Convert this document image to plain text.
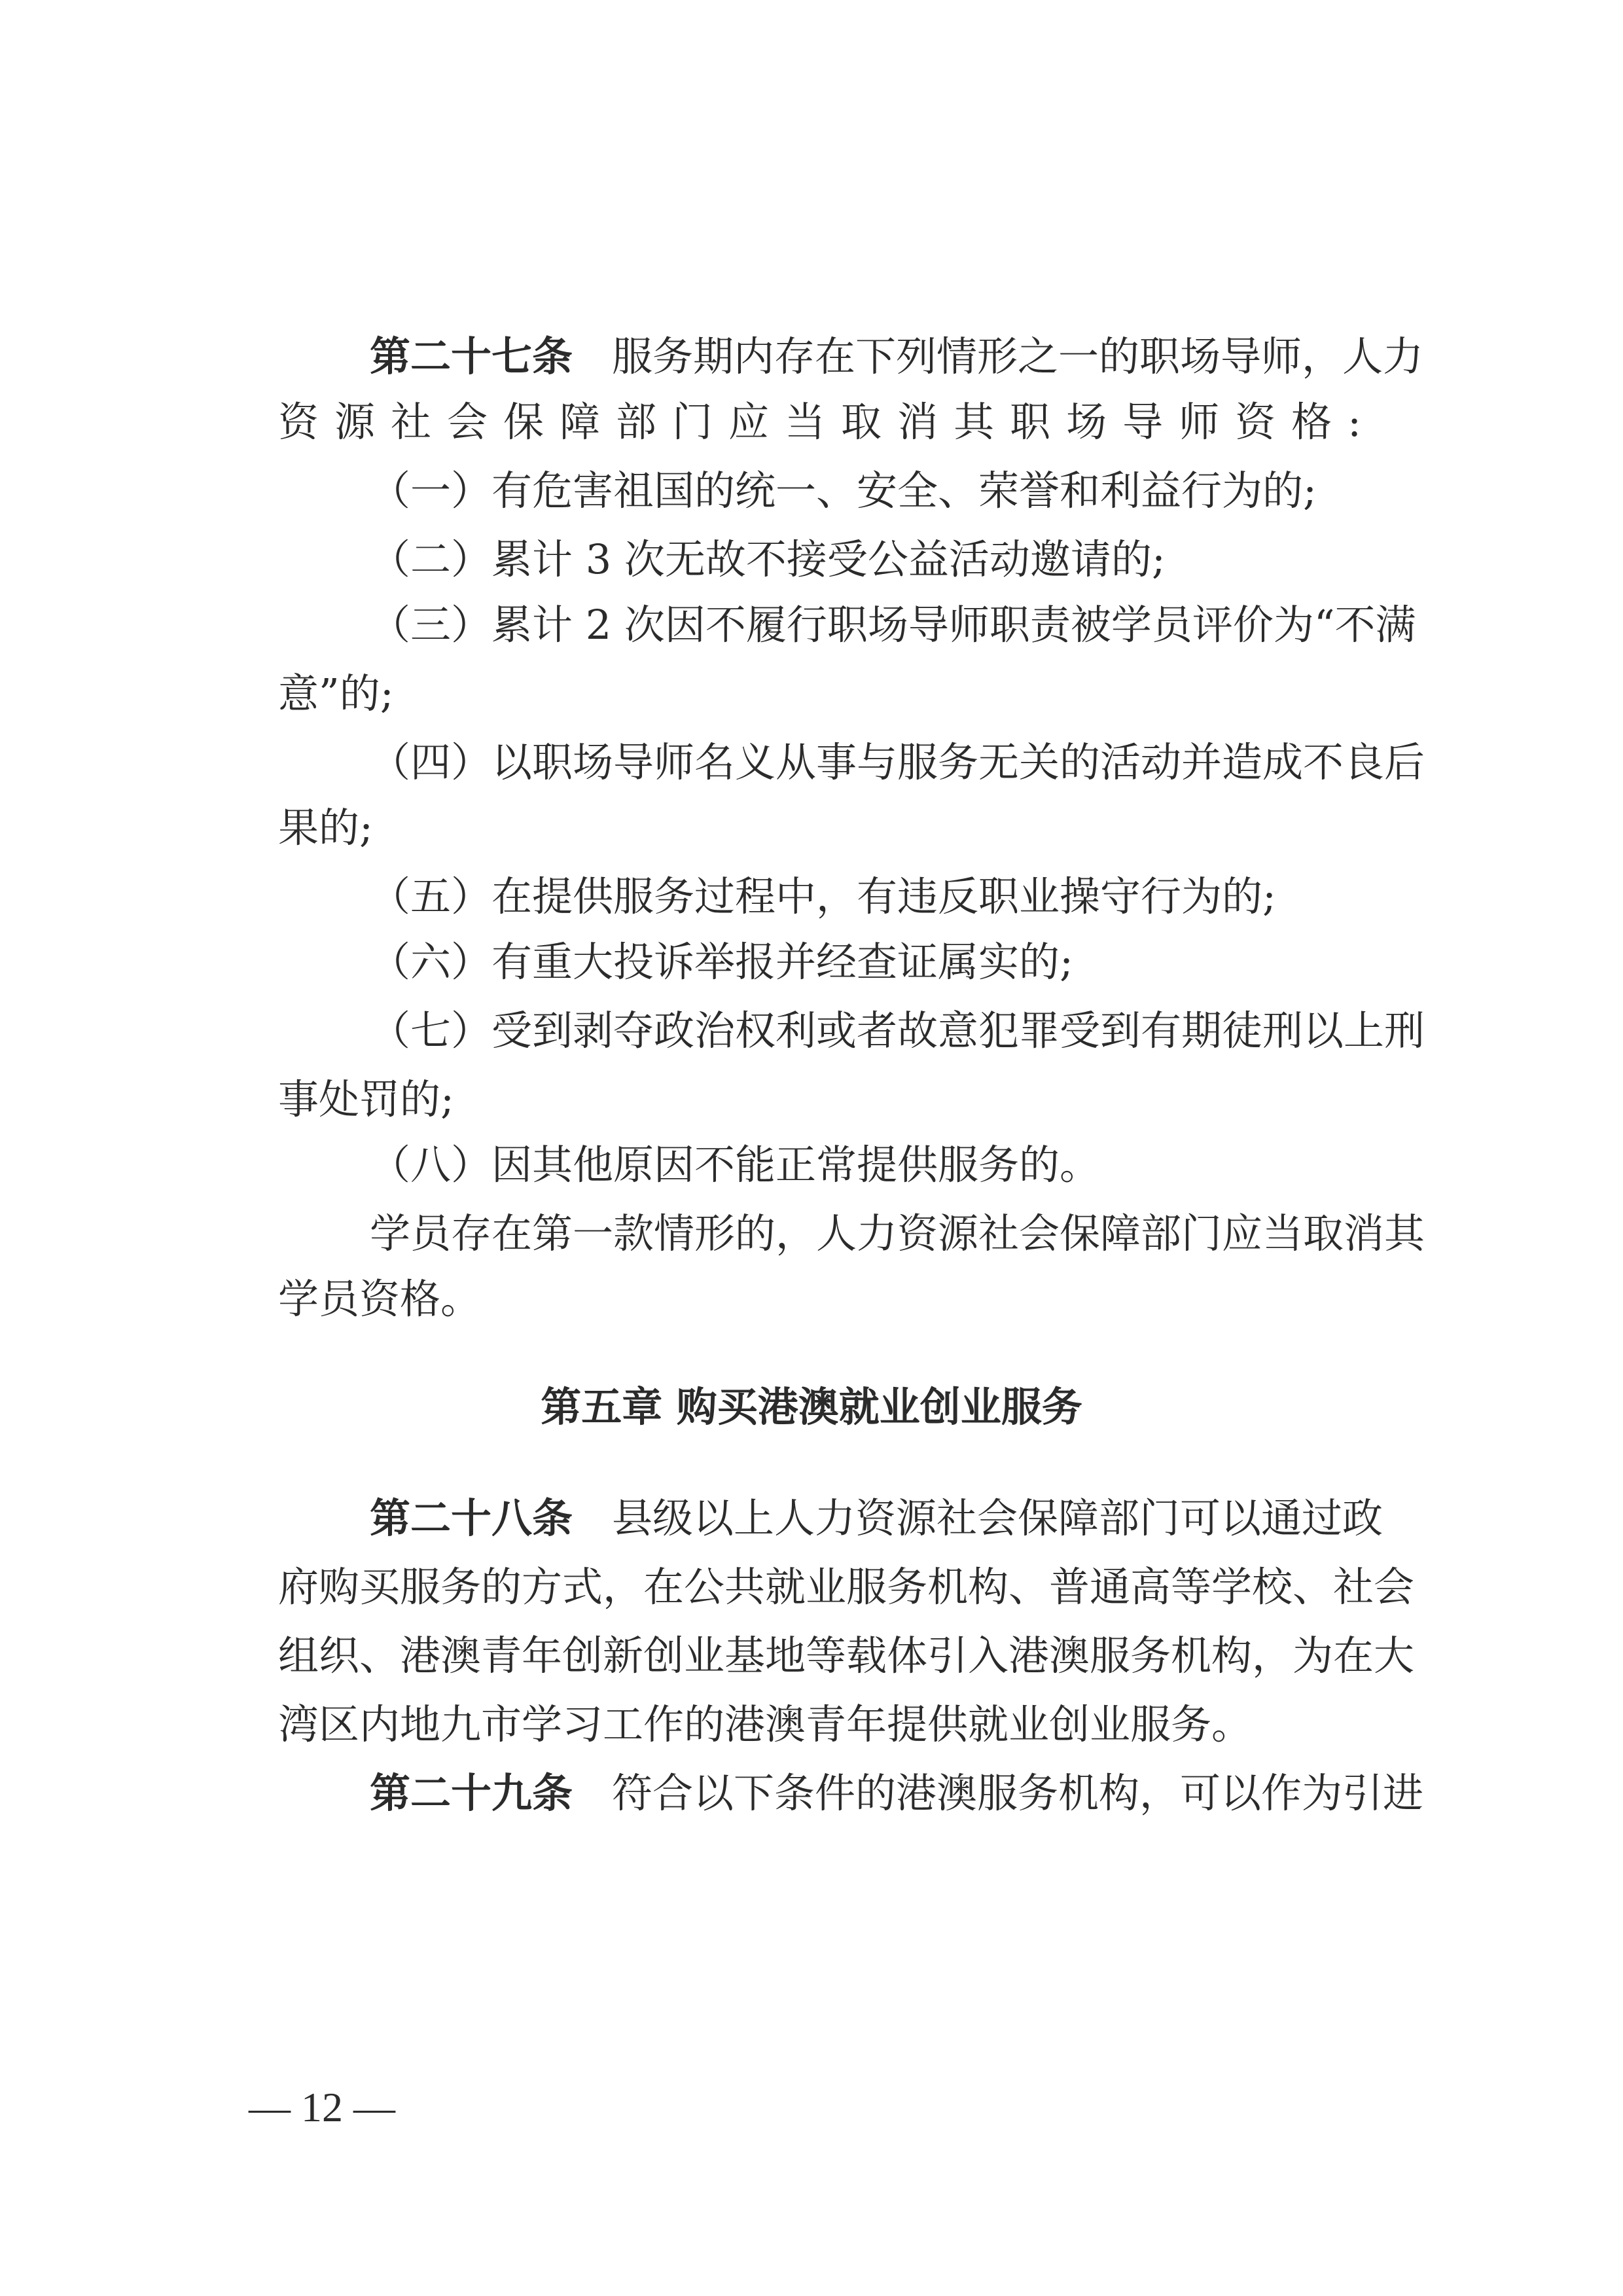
第二十七条 服务期内存在下列情形之一的职场导师，人力
资源社会保障部门应当取消其职场导师资格:
（一）有危害祖国的统一、安全、荣誉和利益行为的;
（二）累计 3 次无故不接受公益活动邀请的;
（三）累计 2 次因不履行职场导师职责被学员评价为“不满
意”的;
（四）以职场导师名义从事与服务无关的活动并造成不良后
果的;
（五）在提供服务过程中，有违反职业操守行为的;
（六）有重大投诉举报并经查证属实的;
（七）受到剥夺政治权利或者故意犯罪受到有期徒刑以上刑
事处罚的;
（八）因其他原因不能正常提供服务的。
学员存在第一款情形的，人力资源社会保障部门应当取消其
学员资格。
第五章 购买港澳就业创业服务
第二十八条 县级以上人力资源社会保障部门可以通过政
府购买服务的方式，在公共就业服务机构、普通高等学校、社会
组织、港澳青年创新创业基地等载体引入港澳服务机构，为在大
湾区内地九市学习工作的港澳青年提供就业创业服务。
第二十九条 符合以下条件的港澳服务机构，可以作为引进
— 12 —
